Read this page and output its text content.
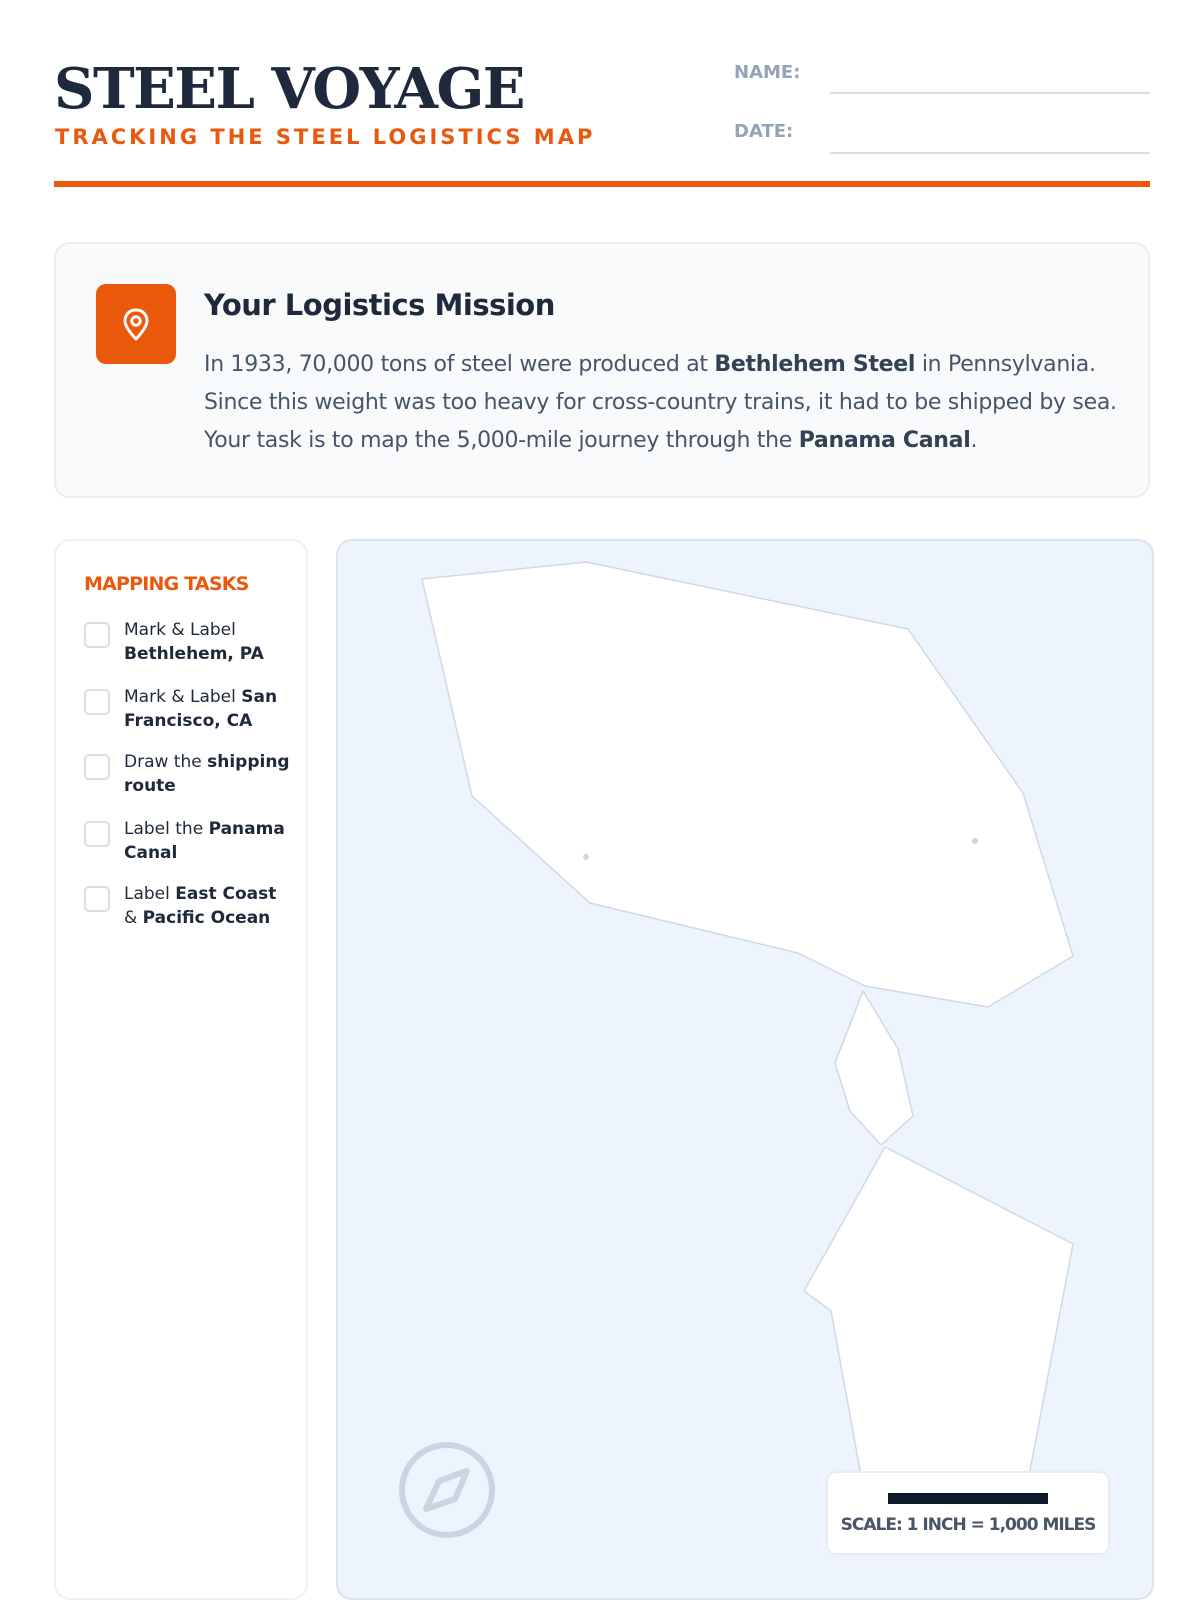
STEEL VOYAGE
TRACKING THE STEEL LOGISTICS MAP
NAME:
DATE:
Your Logistics Mission
In 1933, 70,000 tons of steel were produced at Bethlehem Steel in Pennsylvania. Since this weight was too heavy for cross-country trains, it had to be shipped by sea. Your task is to map the 5,000-mile journey through the Panama Canal.
MAPPING TASKS
Mark & Label Bethlehem, PA
Mark & Label San Francisco, CA
Draw the shipping route
Label the Panama Canal
Label East Coast & Pacific Ocean
SCALE: 1 INCH = 1,000 MILES
